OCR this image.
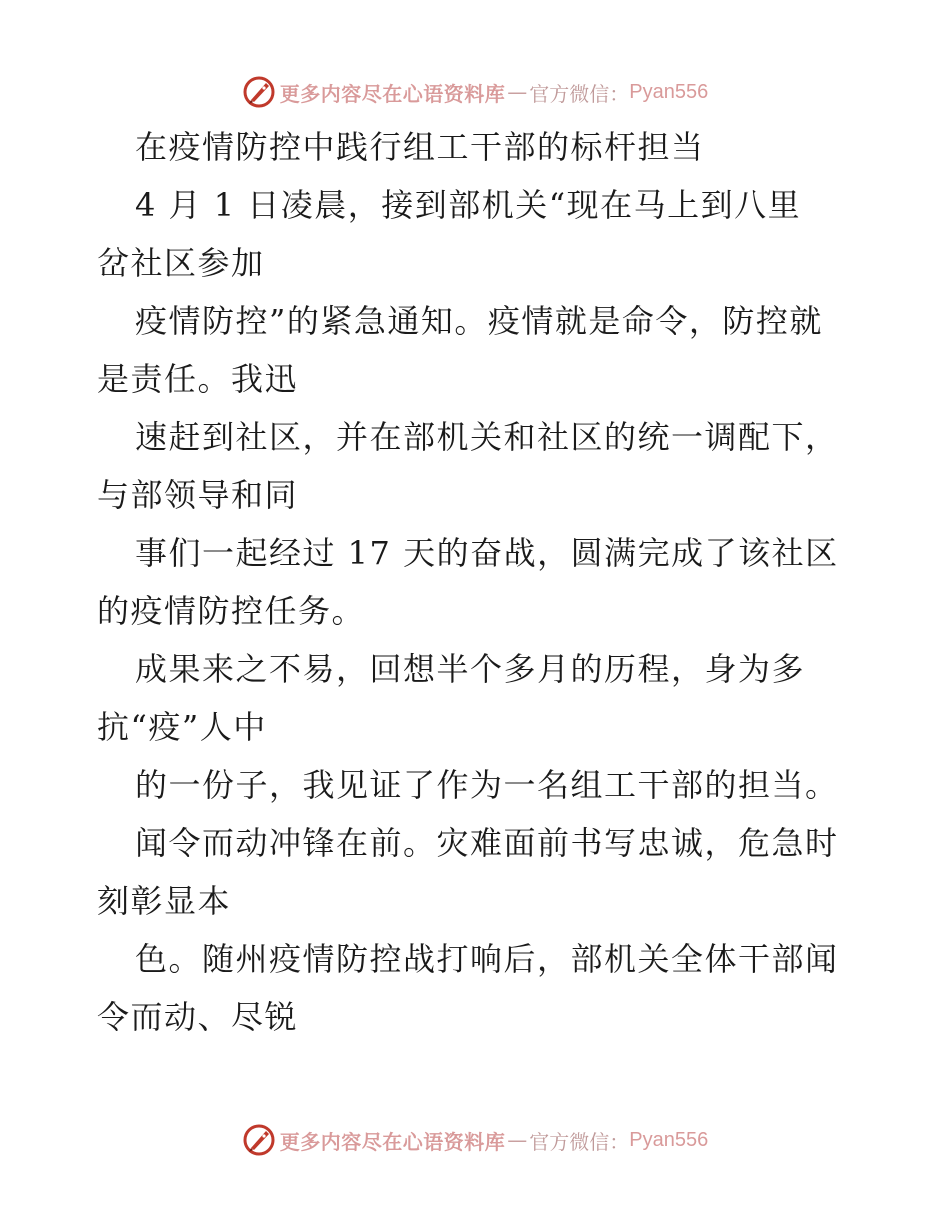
更多内容尽在心语资料库 — 官方微信： Pyan556
在疫情防控中践行组工干部的标杆担当
4 月 1 日凌晨，接到部机关“现在马上到八里
岔社区参加
疫情防控”的紧急通知。疫情就是命令，防控就
是责任。我迅
速赶到社区，并在部机关和社区的统一调配下，
与部领导和同
事们一起经过 17 天的奋战，圆满完成了该社区
的疫情防控任务。
成果来之不易，回想半个多月的历程，身为多
抗“疫”人中
的一份子，我见证了作为一名组工干部的担当。
闻令而动冲锋在前。灾难面前书写忠诚，危急时
刻彰显本
色。随州疫情防控战打响后，部机关全体干部闻
令而动、尽锐
更多内容尽在心语资料库 — 官方微信： Pyan556
